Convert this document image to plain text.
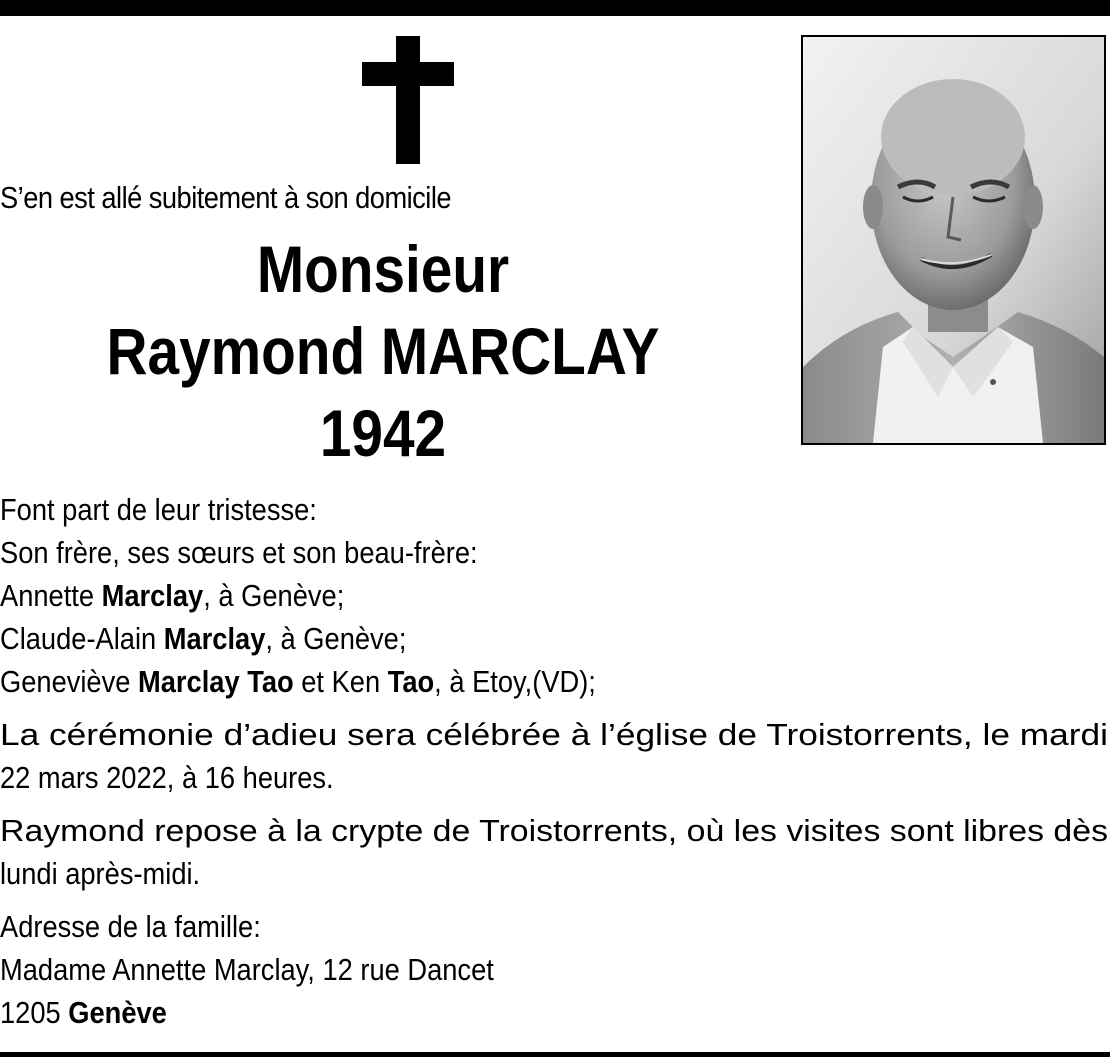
S’en est allé subitement à son domicile
Monsieur
Raymond MARCLAY
1942
Font part de leur tristesse:
Son frère, ses sœurs et son beau-frère:
Annette Marclay, à Genève;
Claude-Alain Marclay, à Genève;
Geneviève Marclay Tao et Ken Tao, à Etoy,(VD);
La cérémonie d’adieu sera célébrée à l’église de Troistorrents, le mardi
22 mars 2022, à 16 heures.
Raymond repose à la crypte de Troistorrents, où les visites sont libres dès
lundi après-midi.
Adresse de la famille:
Madame Annette Marclay, 12 rue Dancet
1205 Genève
